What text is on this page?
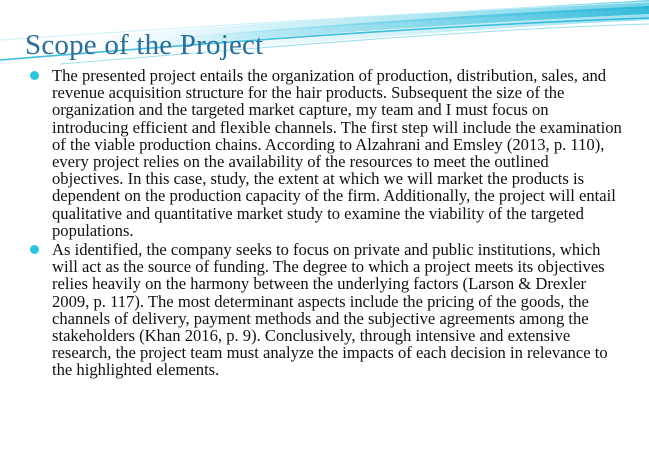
Scope of the Project
The presented project entails the organization of production, distribution, sales, and revenue acquisition structure for the hair products. Subsequent the size of the organization and the targeted market capture, my team and I must focus on introducing efficient and flexible channels. The first step will include the examination of the viable production chains. According to Alzahrani and Emsley (2013, p. 110), every project relies on the availability of the resources to meet the outlined objectives. In this case, study, the extent at which we will market the products is dependent on the production capacity of the firm. Additionally, the project will entail qualitative and quantitative market study to examine the viability of the targeted populations.
As identified, the company seeks to focus on private and public institutions, which will act as the source of funding. The degree to which a project meets its objectives relies heavily on the harmony between the underlying factors (Larson & Drexler 2009, p. 117). The most determinant aspects include the pricing of the goods, the channels of delivery, payment methods and the subjective agreements among the stakeholders (Khan 2016, p. 9). Conclusively, through intensive and extensive research, the project team must analyze the impacts of each decision in relevance to the highlighted elements.
